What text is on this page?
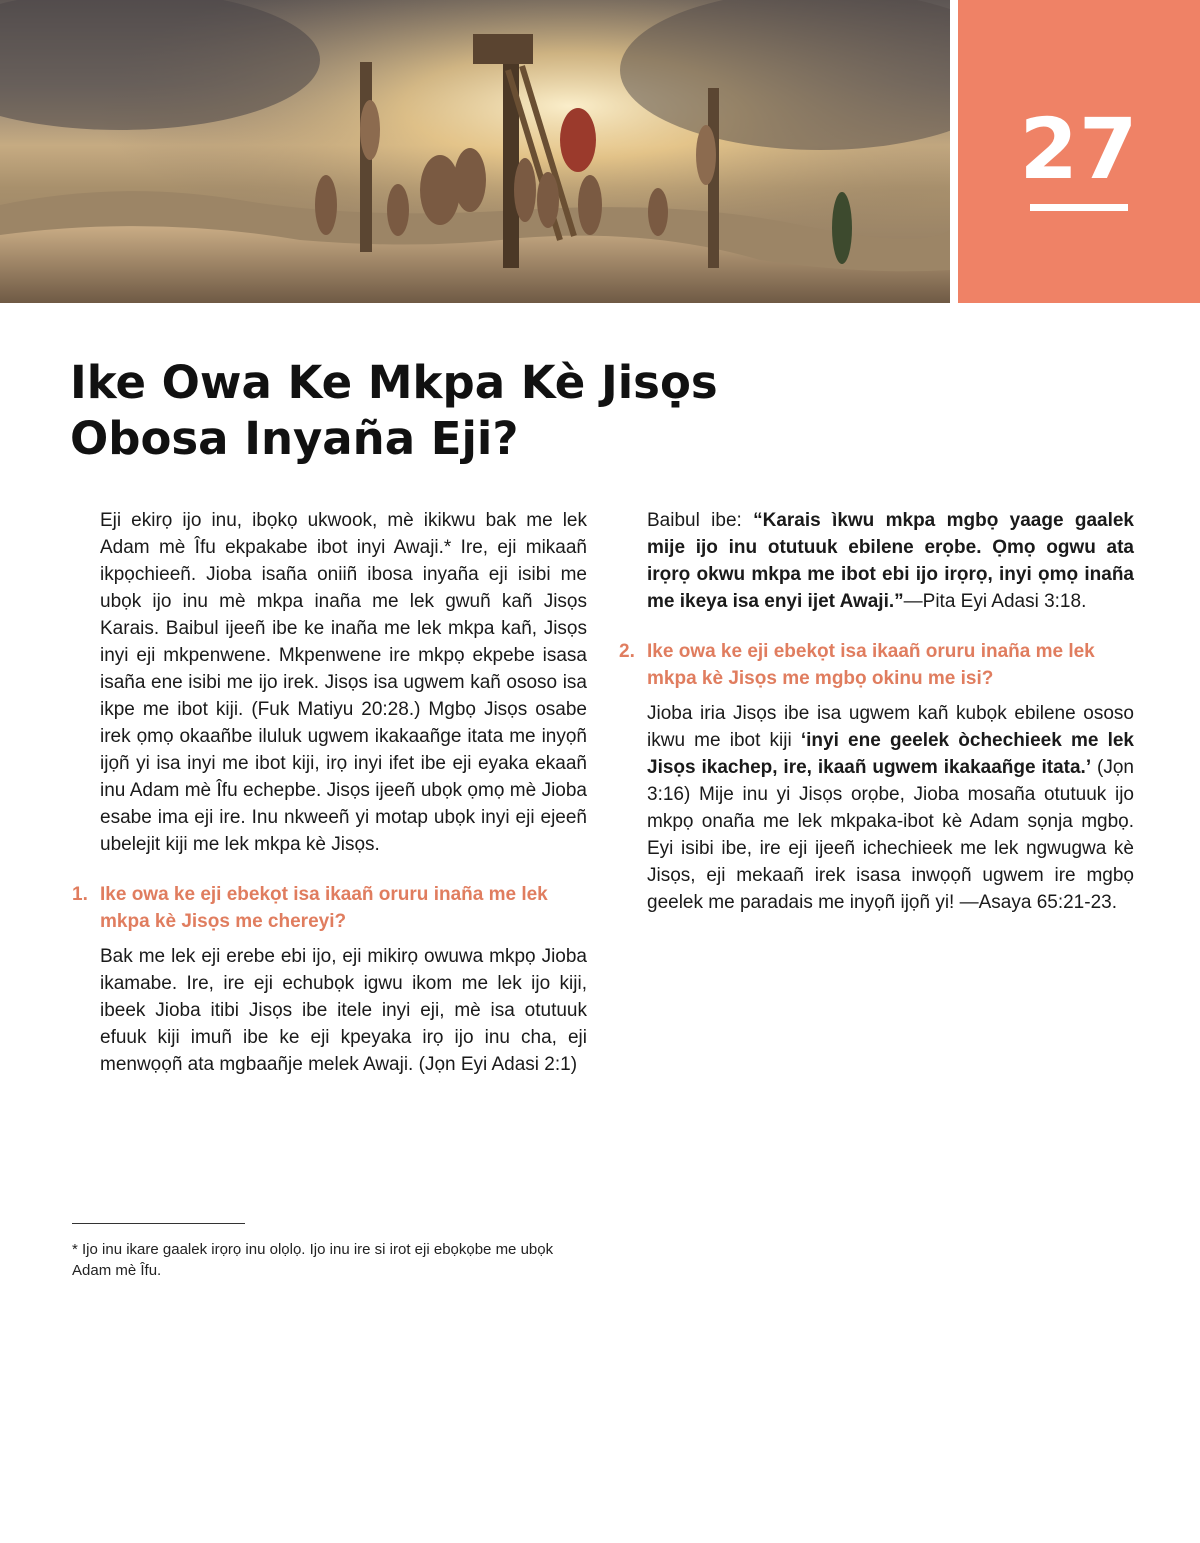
27
Ike Owa Ke Mkpa Kè Jisọs
Obosa Inyaña Eji?

Eji ekirọ ijo inu, ibọkọ ukwook, mè ikikwu bak me lek Adam mè Îfu ekpakabe ibot inyi Awaji.* Ire, eji mikaañ ikpọchieeñ. Jioba isaña oniiñ ibosa inyaña eji isibi me ubọk ijo inu mè mkpa inaña me lek gwuñ kañ Jisọs Karais. Baibul ijeeñ ibe ke inaña me lek mkpa kañ, Jisọs inyi eji mkpenwene. Mkpenwene ire mkpọ ekpebe isasa isaña ene isibi me ijo irek. Jisọs isa ugwem kañ ososo isa ikpe me ibot kiji. (Fuk Matiyu 20:28.) Mgbọ Jisọs osabe irek ọmọ okaañbe iluluk ugwem ikakaañge itata me inyọñ ijọñ yi isa inyi me ibot kiji, irọ inyi ifet ibe eji eyaka ekaañ inu Adam mè Îfu echepbe. Jisọs ijeeñ ubọk ọmọ mè Jioba esabe ima eji ire. Inu nkweeñ yi motap ubọk inyi eji ejeeñ ubelejit kiji me lek mkpa kè Jisọs.

1. Ike owa ke eji ebekọt isa ikaañ oruru inaña me lek mkpa kè Jisọs me chereyi?

Bak me lek eji erebe ebi ijo, eji mikirọ owuwa mkpọ Jioba ikamabe. Ire, ire eji echubọk igwu ikom me lek ijo kiji, ibeek Jioba itibi Jisọs ibe itele inyi eji, mè isa otutuuk efuuk kiji imuñ ibe ke eji kpeyaka irọ ijo inu cha, eji menwọọñ ata mgbaañje melek Awaji. (Jọn Eyi Adasi 2:1)

Baibul ibe: “Karais ìkwu mkpa mgbọ yaage gaalek mije ijo inu otutuuk ebilene erọbe. Ọmọ ogwu ata irọrọ okwu mkpa me ibot ebi ijo irọrọ, inyi ọmọ inaña me ikeya isa enyi ijet Awaji.”—Pita Eyi Adasi 3:18.

2. Ike owa ke eji ebekọt isa ikaañ oruru inaña me lek mkpa kè Jisọs me mgbọ okinu me isi?

Jioba iria Jisọs ibe isa ugwem kañ kubọk ebilene ososo ikwu me ibot kiji ‘inyi ene geelek òchechieek me lek Jisọs ikachep, ire, ikaañ ugwem ikakaañge itata.’ (Jọn 3:16) Mije inu yi Jisọs orọbe, Jioba mosaña otutuuk ijo mkpọ onaña me lek mkpaka-ibot kè Adam sọnja mgbọ. Eyi isibi ibe, ire eji ijeeñ ichechieek me lek ngwugwa kè Jisọs, eji mekaañ irek isasa inwọọñ ugwem ire mgbọ geelek me paradais me inyọñ ijọñ yi! —Asaya 65:21-23.

* Ijo inu ikare gaalek irọrọ inu olọlọ. Ijo inu ire si irot eji ebọkọbe me ubọk Adam mè Îfu.
